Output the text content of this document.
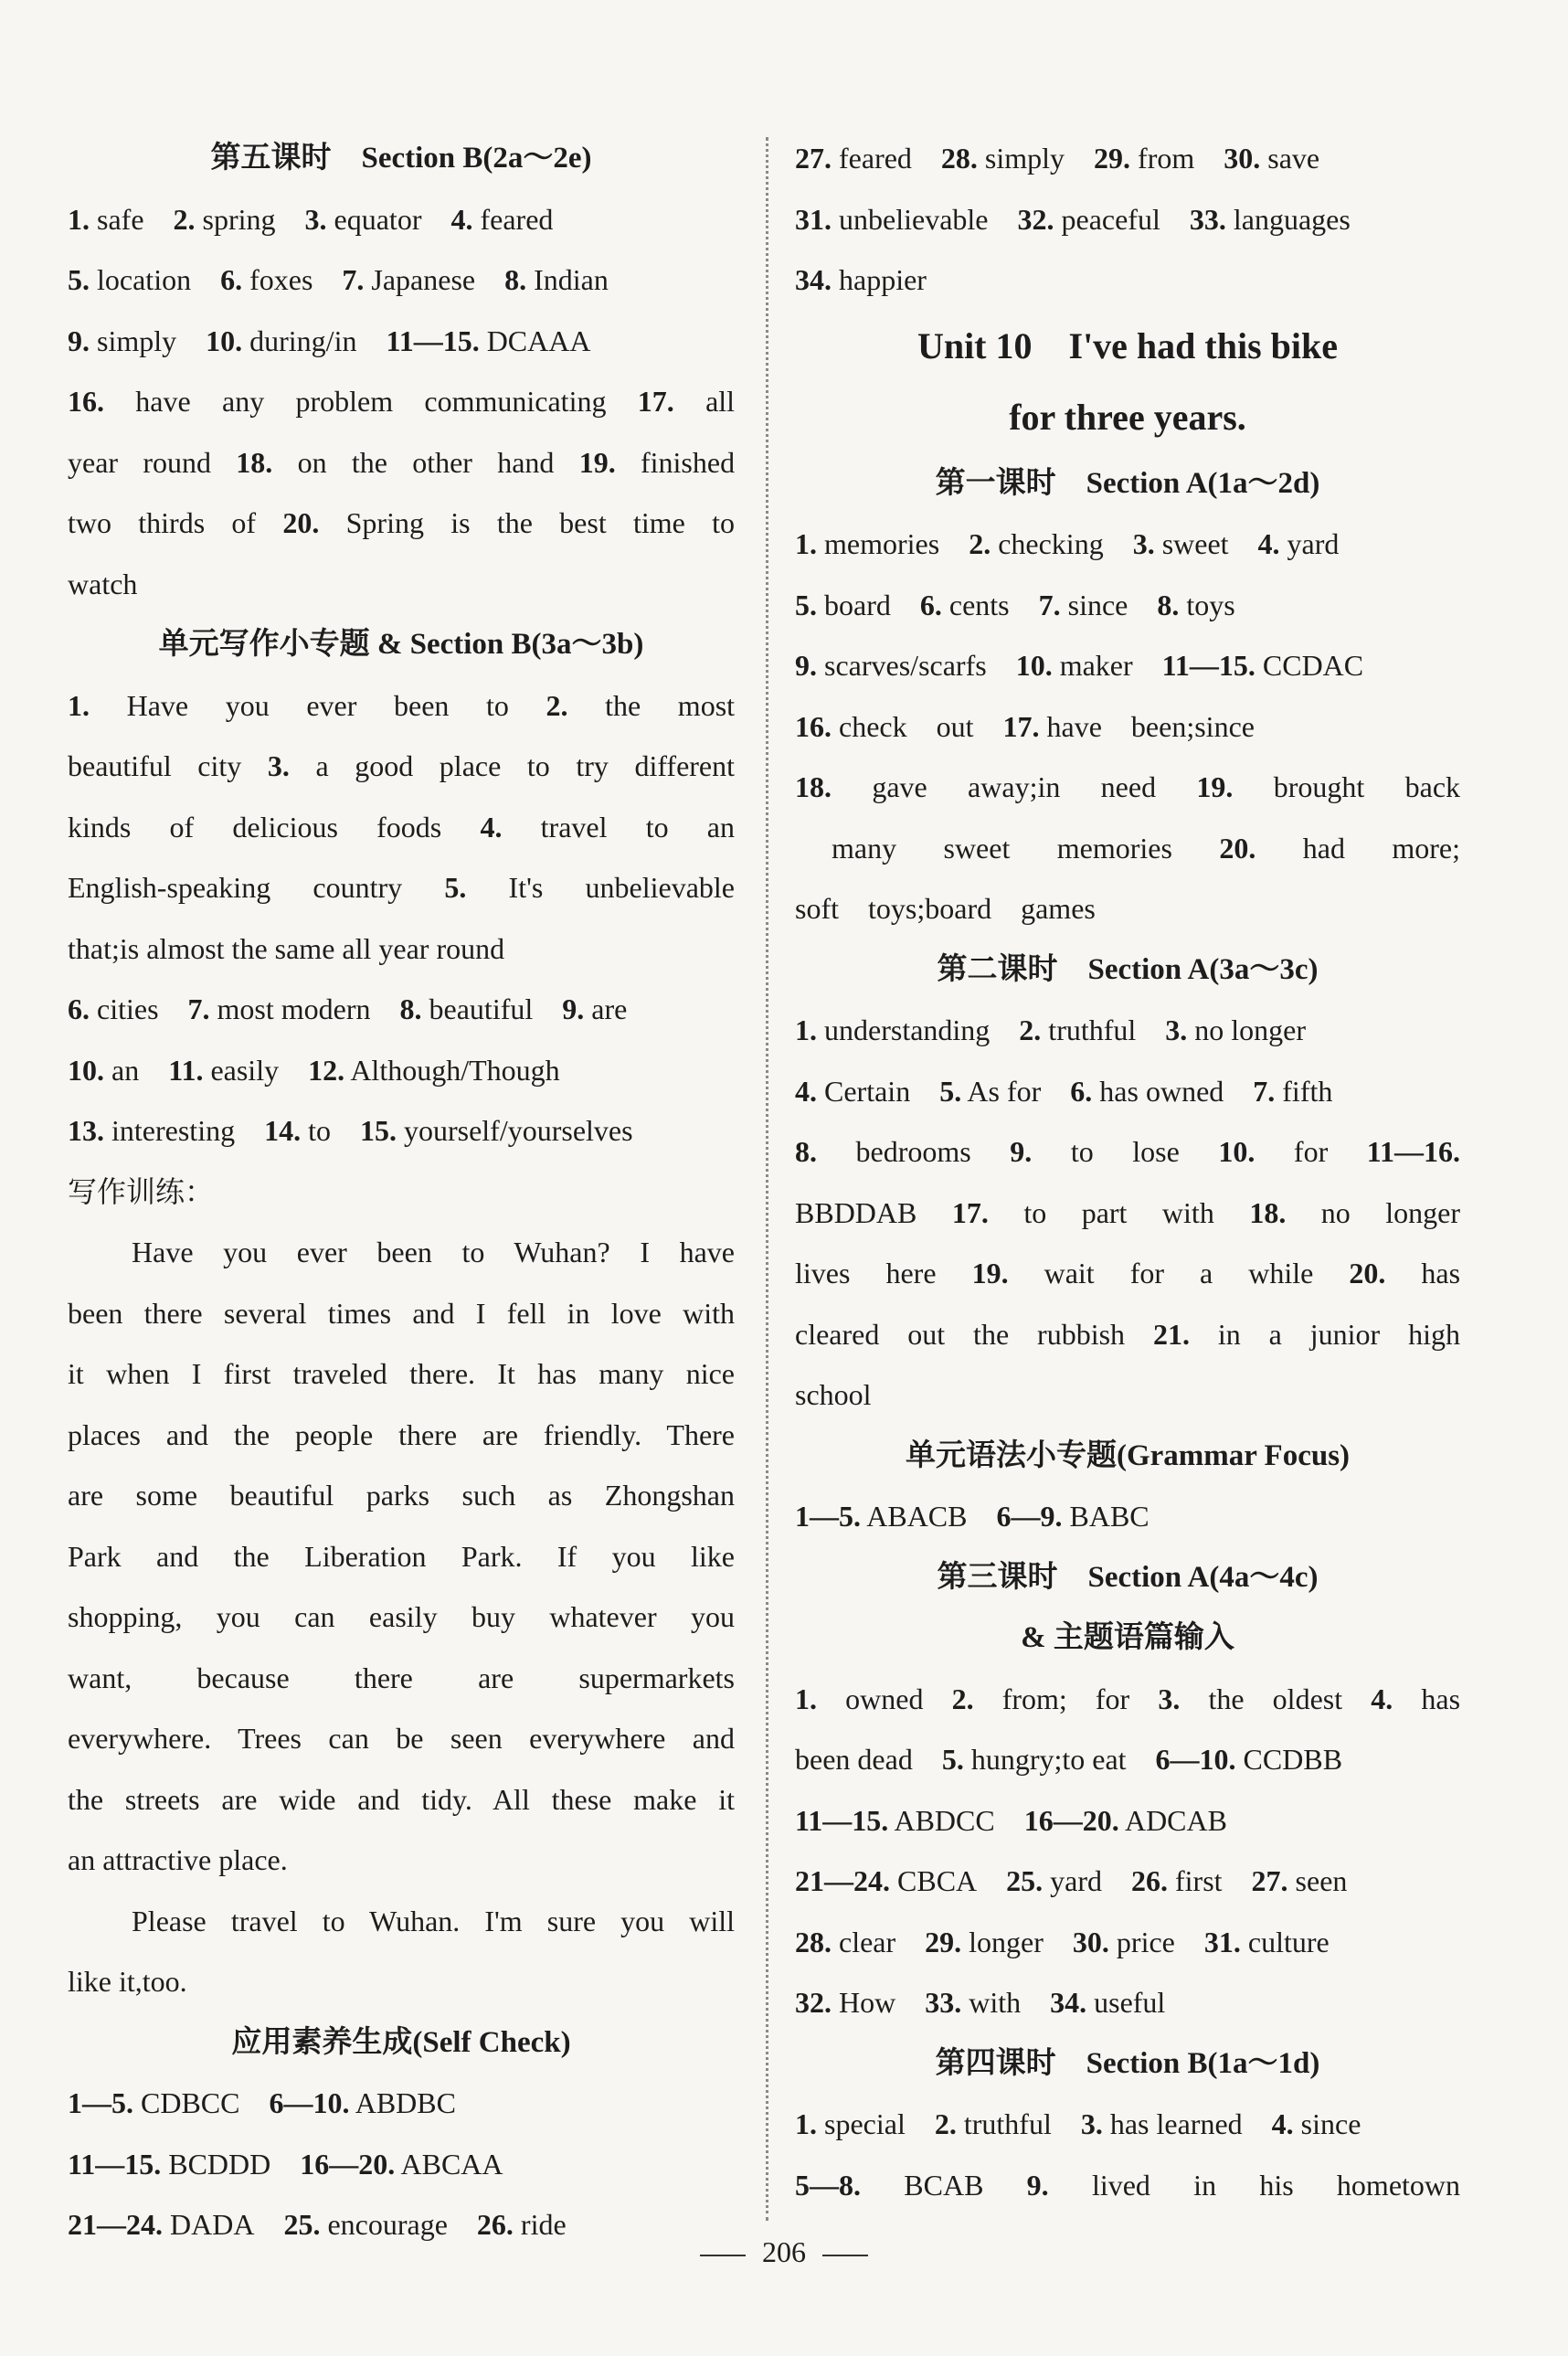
第五课时　Section B(2a～2e)
1. safe  2. spring  3. equator  4. feared
5. location  6. foxes  7. Japanese  8. Indian
9. simply  10. during/in  11—15. DCAAA
16. have any problem communicating 17. all
year round 18. on the other hand 19. finished
two thirds of 20. Spring is the best time to
watch
单元写作小专题 & Section B(3a～3b)
1. Have you ever been to 2. the most
beautiful city 3. a good place to try different
kinds of delicious foods 4. travel to an
English-speaking country 5. It's unbelievable
that;is almost the same all year round
6. cities  7. most modern  8. beautiful  9. are
10. an  11. easily  12. Although/Though
13. interesting  14. to  15. yourself/yourselves
写作训练：
Have you ever been to Wuhan? I have
been there several times and I fell in love with
it when I first traveled there. It has many nice
places and the people there are friendly. There
are some beautiful parks such as Zhongshan
Park and the Liberation Park. If you like
shopping, you can easily buy whatever you
want, because there are supermarkets
everywhere. Trees can be seen everywhere and
the streets are wide and tidy. All these make it
an attractive place.
Please travel to Wuhan. I'm sure you will
like it,too.
应用素养生成(Self Check)
1—5. CDBCC  6—10. ABDBC
11—15. BCDDD  16—20. ABCAA
21—24. DADA  25. encourage  26. ride
27. feared  28. simply  29. from  30. save
31. unbelievable  32. peaceful  33. languages
34. happier
Unit 10　I've had this bike
for three years.
第一课时　Section A(1a～2d)
1. memories  2. checking  3. sweet  4. yard
5. board  6. cents  7. since  8. toys
9. scarves/scarfs  10. maker  11—15. CCDAC
16. check　out  17. have　been;since
18. gave away;in need 19. brought back
many sweet memories 20. had more;
soft　toys;board　games
第二课时　Section A(3a～3c)
1. understanding  2. truthful  3. no longer
4. Certain  5. As for  6. has owned  7. fifth
8. bedrooms 9. to lose 10. for 11—16.
BBDDAB 17. to part with 18. no longer
lives here 19. wait for a while 20. has
cleared out the rubbish 21. in a junior high
school
单元语法小专题(Grammar Focus)
1—5. ABACB  6—9. BABC
第三课时　Section A(4a～4c)
& 主题语篇输入
1. owned 2. from; for 3. the oldest 4. has
been dead  5. hungry;to eat  6—10. CCDBB
11—15. ABDCC  16—20. ADCAB
21—24. CBCA  25. yard  26. first  27. seen
28. clear  29. longer  30. price  31. culture
32. How  33. with  34. useful
第四课时　Section B(1a～1d)
1. special  2. truthful  3. has learned  4. since
5—8. BCAB 9. lived in his hometown
206
